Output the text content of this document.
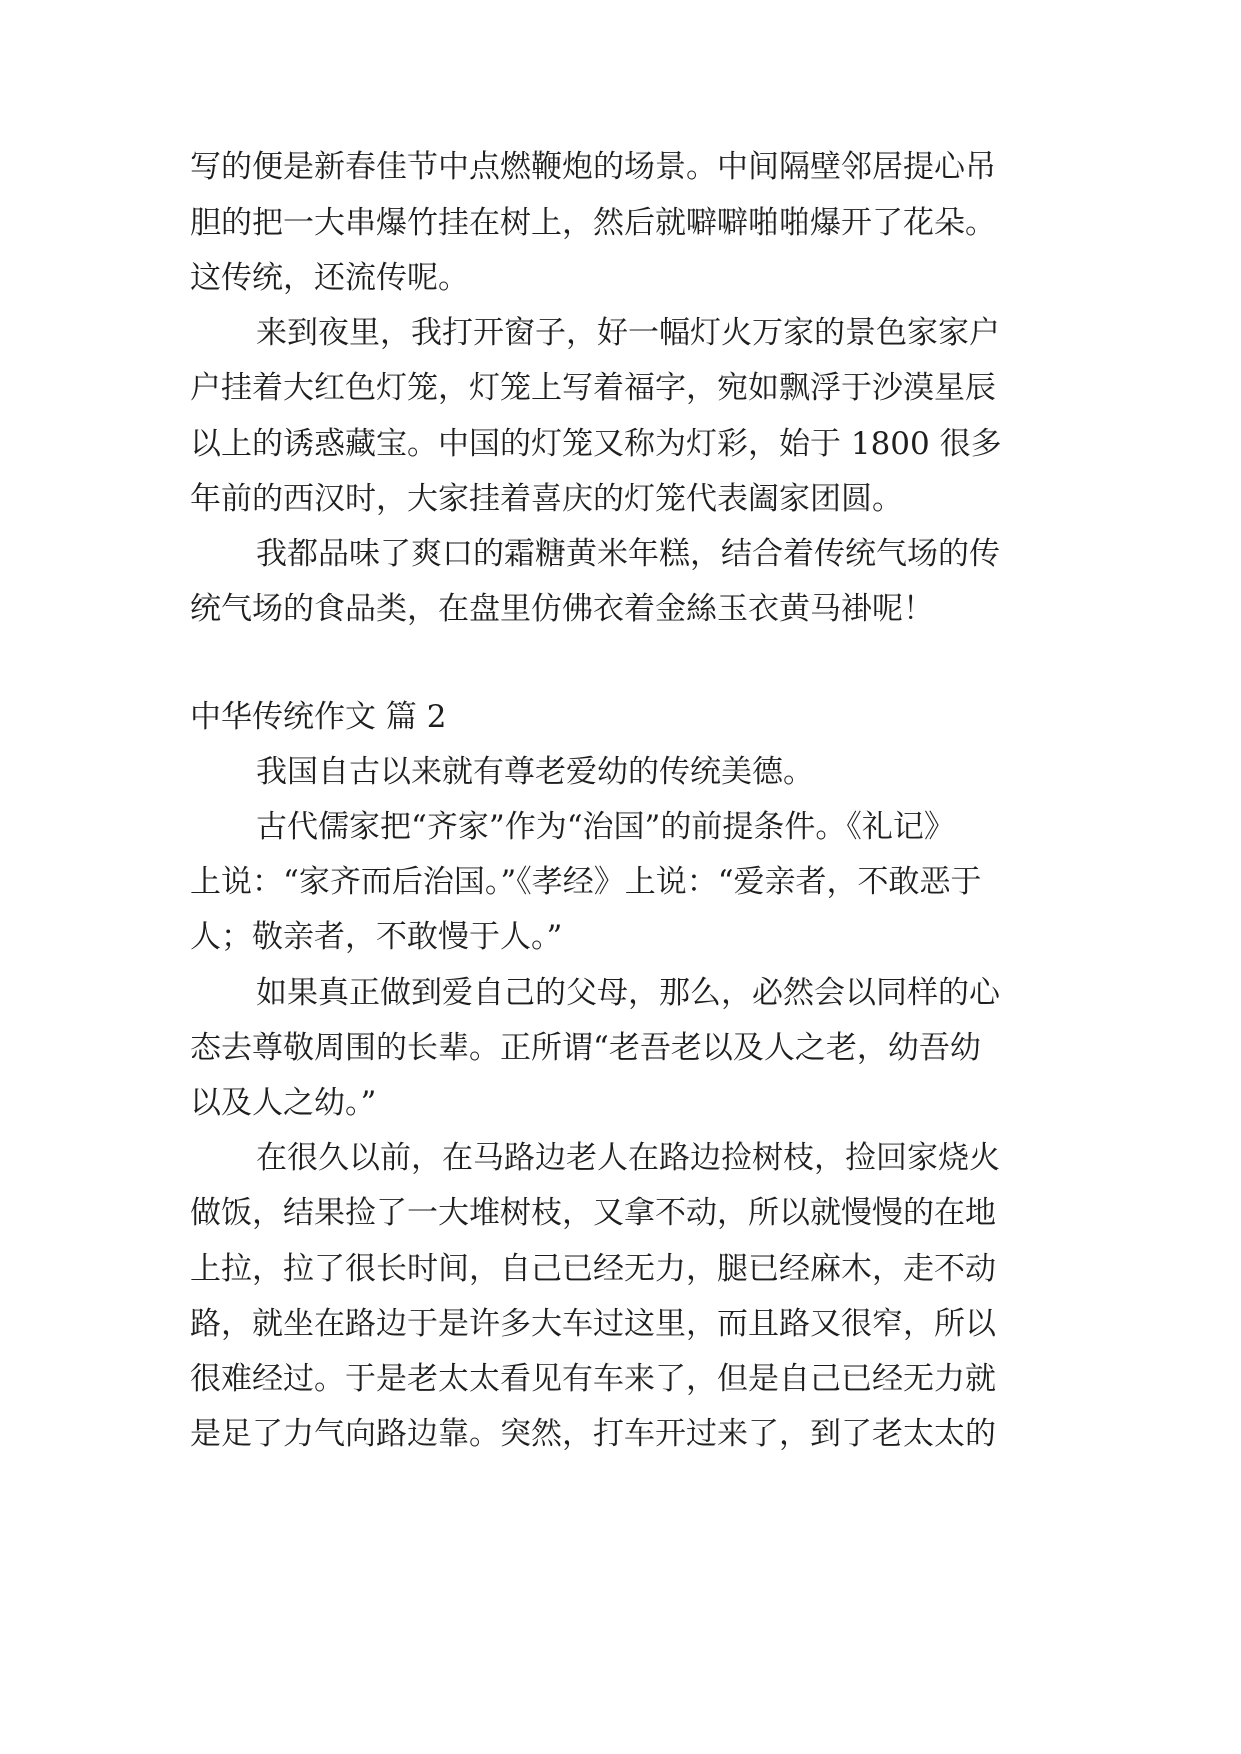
写的便是新春佳节中点燃鞭炮的场景。中间隔壁邻居提心吊
胆的把一大串爆竹挂在树上，然后就噼噼啪啪爆开了花朵。
这传统，还流传呢。
来到夜里，我打开窗子，好一幅灯火万家的景色家家户
户挂着大红色灯笼，灯笼上写着福字，宛如飘浮于沙漠星辰
以上的诱惑藏宝。中国的灯笼又称为灯彩，始于 1800 很多
年前的西汉时，大家挂着喜庆的灯笼代表阖家团圆。
我都品味了爽口的霜糖黄米年糕，结合着传统气场的传
统气场的食品类，在盘里仿佛衣着金絲玉衣黄马褂呢！
中华传统作文 篇 2
我国自古以来就有尊老爱幼的传统美德。
古代儒家把“齐家”作为“治国”的前提条件。《礼记》
上说：“家齐而后治国。”《孝经》上说：“爱亲者，不敢恶于
人；敬亲者，不敢慢于人。”
如果真正做到爱自己的父母，那么，必然会以同样的心
态去尊敬周围的长辈。正所谓“老吾老以及人之老，幼吾幼
以及人之幼。”
在很久以前，在马路边老人在路边捡树枝，捡回家烧火
做饭，结果捡了一大堆树枝，又拿不动，所以就慢慢的在地
上拉，拉了很长时间，自己已经无力，腿已经麻木，走不动
路，就坐在路边于是许多大车过这里，而且路又很窄，所以
很难经过。于是老太太看见有车来了，但是自己已经无力就
是足了力气向路边靠。突然，打车开过来了，到了老太太的
